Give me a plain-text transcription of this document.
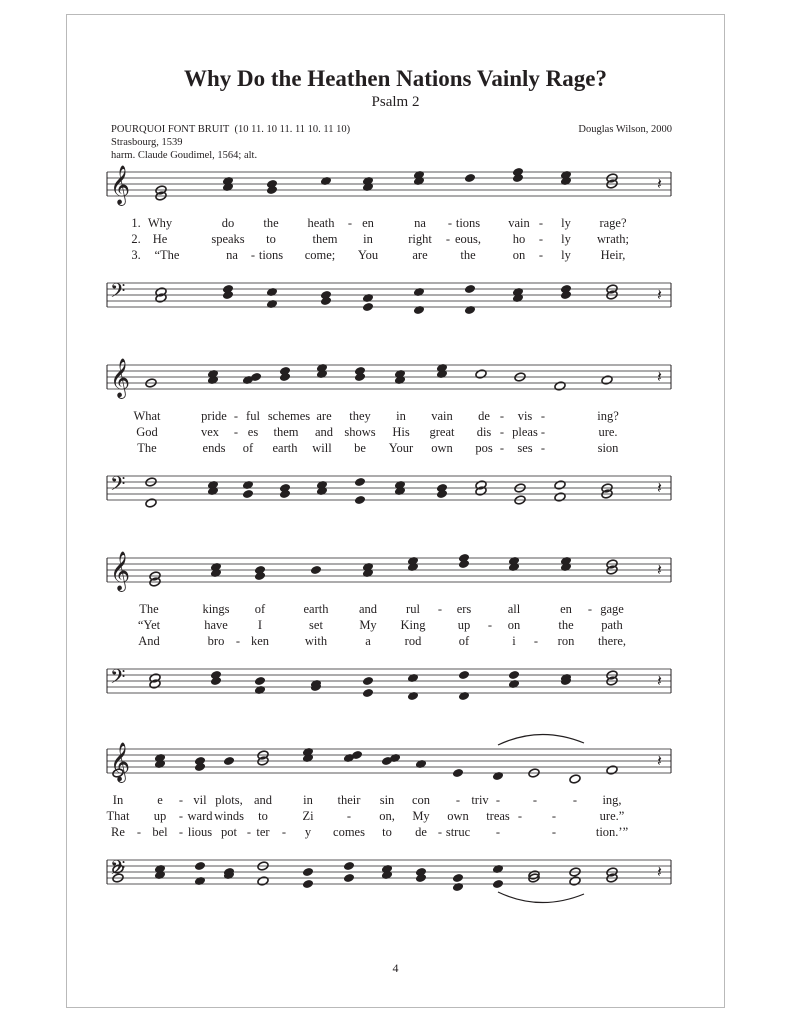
Why Do the Heathen Nations Vainly Rage?
Psalm 2
POURQUOI FONT BRUIT (10 11. 10 11. 11 10. 11 10)
Strasbourg, 1539
harm. Claude Goudimel, 1564; alt.
Douglas Wilson, 2000
𝄞	𝄽
𝄢	𝄽
1. Why	do the heath - en	na - tions vain - ly rage?
2. He	speaks to	them in	right - eous,	ho - ly wrath;
3. “The	na - tions come; You	are	the	on - ly Heir,
𝄞	𝄽
𝄢	𝄽
What	pride - ful schemes are they in vain de - vis -	ing?
God	vex - es them and shows His great dis - pleas -	ure.
The	ends of earth will be Your own pos - ses -	sion
𝄞	𝄽
𝄢	𝄽
The	kings of	earth and rul - ers	all	en - gage
“Yet	have I	set	My King	up - on	the path
And	bro - ken	with	a	rod	of	i - ron there,
𝄞	𝄽
𝄢	𝄽
In	e - vil plots, and in their sin con - triv -	-	- ing,
That up - ward winds to	Zi	- on, My own treas - -	ure.”
Re - bel - lious pot - ter - y comes to de - struc -	-	tion.’”
4
